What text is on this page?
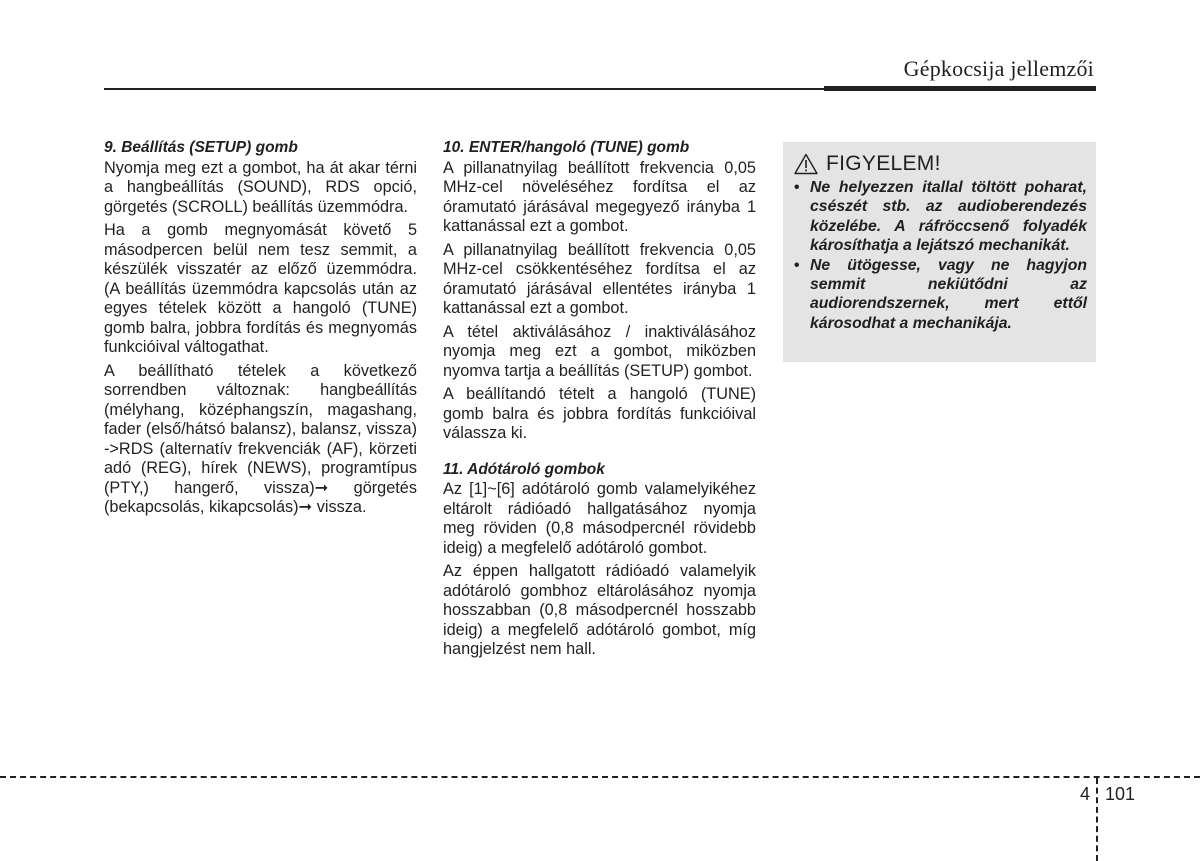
Gépkocsija jellemzői
9. Beállítás (SETUP) gomb

Nyomja meg ezt a gombot, ha át akar térni a hangbeállítás (SOUND), RDS opció, görgetés (SCROLL) beállítás üzemmódra.

Ha a gomb megnyomását követő 5 másodpercen belül nem tesz semmit, a készülék visszatér az előző üzemmódra. (A beállítás üzemmódra kapcsolás után az egyes tételek között a hangoló (TUNE) gomb balra, jobbra fordítás és megnyomás funkcióival váltogathat.

A beállítható tételek a következő sorrendben változnak: hangbeállítás (mélyhang, középhangszín, magashang, fader (első/hátsó balansz), balansz, vissza) ->RDS (alternatív frekvenciák (AF), körzeti adó (REG), hírek (NEWS), programtípus (PTY,) hangerő, vissza)➞ görgetés (bekapcsolás, kikapcsolás)➞ vissza.

10. ENTER/hangoló (TUNE) gomb

A pillanatnyilag beállított frekvencia 0,05 MHz-cel növeléséhez fordítsa el az óramutató járásával megegyező irányba 1 kattanással ezt a gombot.

A pillanatnyilag beállított frekvencia 0,05 MHz-cel csökkentéséhez fordítsa el az óramutató járásával ellentétes irányba 1 kattanással ezt a gombot.

A tétel aktiválásához / inaktiválásához nyomja meg ezt a gombot, miközben nyomva tartja a beállítás (SETUP) gombot.

A beállítandó tételt a hangoló (TUNE) gomb balra és jobbra fordítás funkcióival válassza ki.

11. Adótároló gombok

Az [1]~[6] adótároló gomb valamelyikéhez eltárolt rádióadó hallgatásához nyomja meg röviden (0,8 másodpercnél rövidebb ideig) a megfelelő adótároló gombot.

Az éppen hallgatott rádióadó valamelyik adótároló gombhoz eltárolásához nyomja hosszabban (0,8 másodpercnél hosszabb ideig) a megfelelő adótároló gombot, míg hangjelzést nem hall.

FIGYELEM!
• Ne helyezzen itallal töltött poharat, csészét stb. az audioberendezés közelébe. A ráfröccsenő folyadék károsíthatja a lejátszó mechanikát.
• Ne ütögesse, vagy ne hagyjon semmit nekiütődni az audiorendszernek, mert ettől károsodhat a mechanikája.
4 101
